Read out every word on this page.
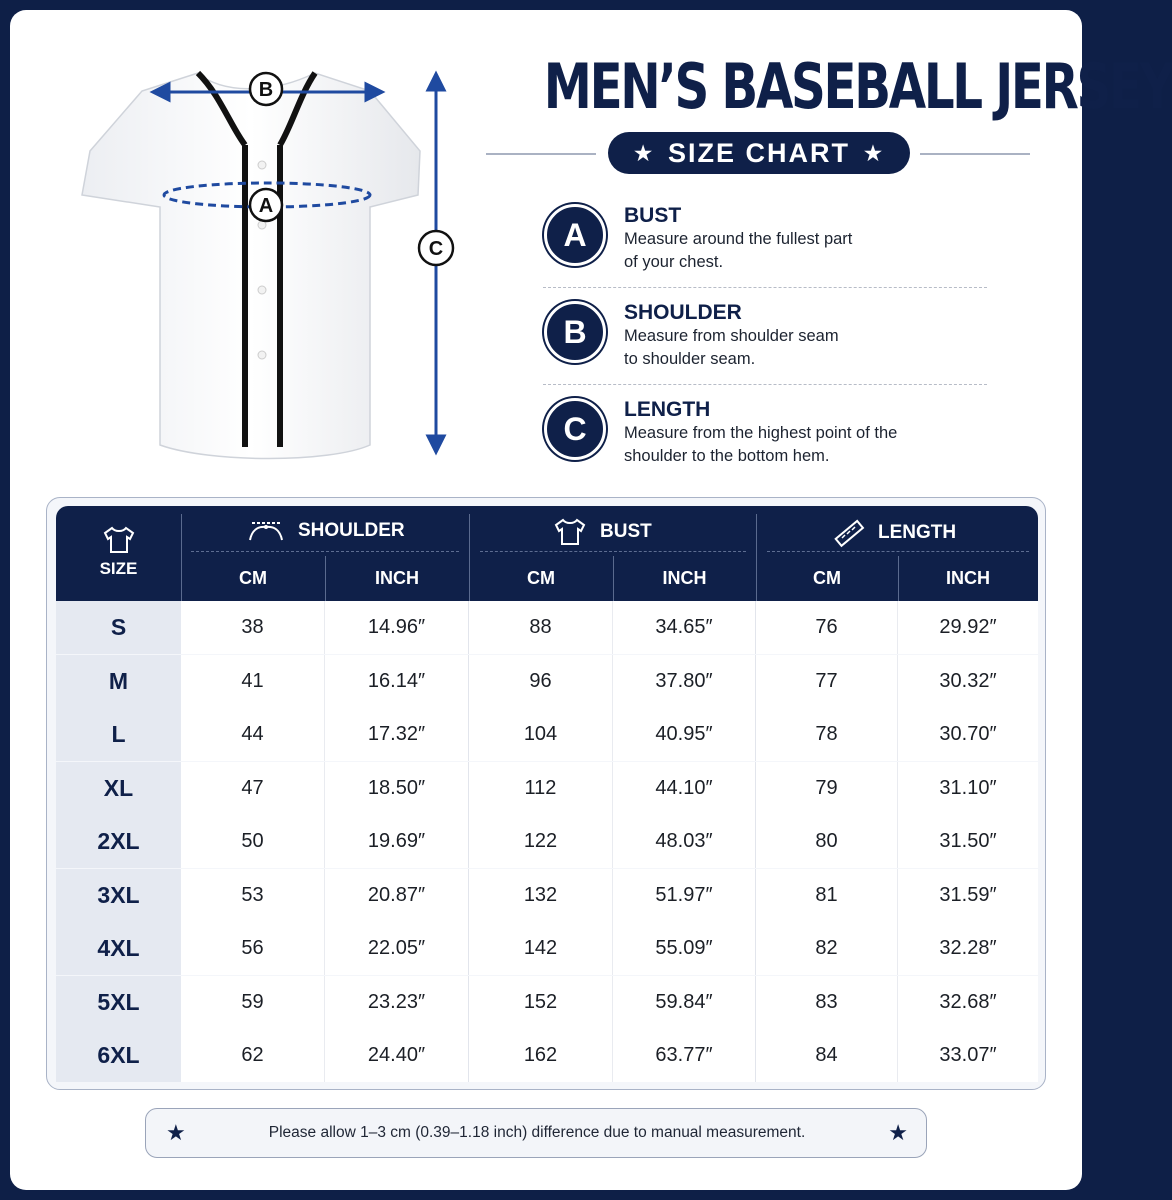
B
A
C
MEN’S BASEBALL JERSEY
★ SIZE CHART ★
A
BUST
Measure around the fullest part of your chest.
B
SHOULDER
Measure from shoulder seam to shoulder seam.
C
LENGTH
Measure from the highest point of the shoulder to the bottom hem.
SIZE
SHOULDER	BUST	LENGTH
CM	INCH	CM	INCH	CM	INCH
S	38	14.96″	88	34.65″	76	29.92″
M	41	16.14″	96	37.80″	77	30.32″
L	44	17.32″	104	40.95″	78	30.70″
XL	47	18.50″	112	44.10″	79	31.10″
2XL	50	19.69″	122	48.03″	80	31.50″
3XL	53	20.87″	132	51.97″	81	31.59″
4XL	56	22.05″	142	55.09″	82	32.28″
5XL	59	23.23″	152	59.84″	83	32.68″
6XL	62	24.40″	162	63.77″	84	33.07″
★	Please allow 1–3 cm (0.39–1.18 inch) difference due to manual measurement.	★
